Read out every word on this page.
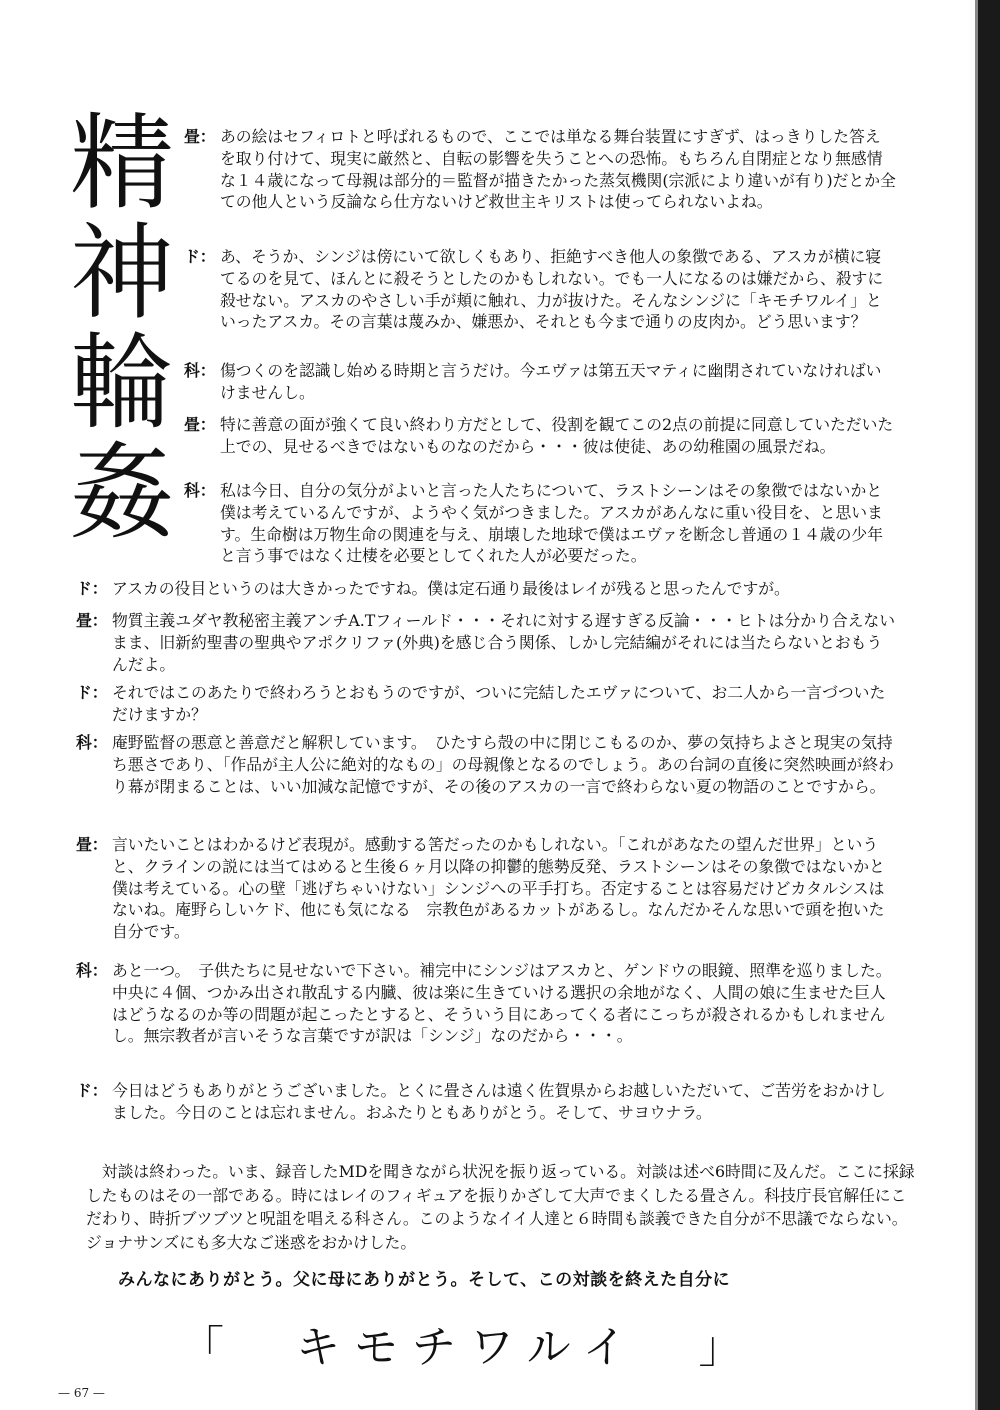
精
神
輪
姦
畳： あの絵はセフィロトと呼ばれるもので、ここでは単なる舞台装置にすぎず、はっきりした答えを取り付けて、現実に厳然と、自転の影響を失うことへの恐怖。もちろん自閉症となり無感情な１４歳になって母親は部分的＝監督が描きたかった蒸気機関(宗派により違いが有り)だとか全ての他人という反論なら仕方ないけど救世主キリストは使ってられないよね。
ド： あ、そうか、シンジは傍にいて欲しくもあり、拒絶すべき他人の象徴である、アスカが横に寝てるのを見て、ほんとに殺そうとしたのかもしれない。でも一人になるのは嫌だから、殺すに殺せない。アスカのやさしい手が頬に触れ、力が抜けた。そんなシンジに「キモチワルイ」といったアスカ。その言葉は蔑みか、嫌悪か、それとも今まで通りの皮肉か。どう思います？
科： 傷つくのを認識し始める時期と言うだけ。今エヴァは第五天マティに幽閉されていなければいけませんし。
畳： 特に善意の面が強くて良い終わり方だとして、役割を観てこの2点の前提に同意していただいた上での、見せるべきではないものなのだから・・・彼は使徒、あの幼稚園の風景だね。
科： 私は今日、自分の気分がよいと言った人たちについて、ラストシーンはその象徴ではないかと僕は考えているんですが、ようやく気がつきました。アスカがあんなに重い役目を、と思います。生命樹は万物生命の関連を与え、崩壊した地球で僕はエヴァを断念し普通の１４歳の少年と言う事ではなく辻棲を必要としてくれた人が必要だった。
ド： アスカの役目というのは大きかったですね。僕は定石通り最後はレイが残ると思ったんですが。
畳： 物質主義ユダヤ教秘密主義アンチA.Tフィールド・・・それに対する遅すぎる反論・・・ヒトは分かり合えないまま、旧新約聖書の聖典やアポクリファ(外典)を感じ合う関係、しかし完結編がそれには当たらないとおもうんだよ。
ド： それではこのあたりで終わろうとおもうのですが、ついに完結したエヴァについて、お二人から一言づついただけますか？
科： 庵野監督の悪意と善意だと解釈しています。　ひたすら殻の中に閉じこもるのか、夢の気持ちよさと現実の気持ち悪さであり、「作品が主人公に絶対的なもの」の母親像となるのでしょう。あの台詞の直後に突然映画が終わり幕が閉まることは、いい加減な記憶ですが、その後のアスカの一言で終わらない夏の物語のことですから。
畳： 言いたいことはわかるけど表現が。感動する筈だったのかもしれない。「これがあなたの望んだ世界」というと、クラインの説には当てはめると生後６ヶ月以降の抑鬱的態勢反発、ラストシーンはその象徴ではないかと僕は考えている。心の壁「逃げちゃいけない」シンジへの平手打ち。否定することは容易だけどカタルシスはないね。庵野らしいケド、他にも気になる　宗教色があるカットがあるし。なんだかそんな思いで頭を抱いた自分です。
科： あと一つ。　子供たちに見せないで下さい。補完中にシンジはアスカと、ゲンドウの眼鏡、照準を巡りました。中央に４個、つかみ出され散乱する内臓、彼は楽に生きていける選択の余地がなく、人間の娘に生ませた巨人はどうなるのか等の問題が起こったとすると、そういう目にあってくる者にこっちが殺されるかもしれませんし。無宗教者が言いそうな言葉ですが訳は「シンジ」なのだから・・・。
ド： 今日はどうもありがとうございました。とくに畳さんは遠く佐賀県からお越しいただいて、ご苦労をおかけしました。今日のことは忘れません。おふたりともありがとう。そして、サヨウナラ。
対談は終わった。いま、録音したMDを聞きながら状況を振り返っている。対談は述べ6時間に及んだ。ここに採録したものはその一部である。時にはレイのフィギュアを振りかざして大声でまくしたる畳さん。科技庁長官解任にこだわり、時折ブツブツと呪詛を唱える科さん。このようなイイ人達と６時間も談義できた自分が不思議でならない。ジョナサンズにも多大なご迷惑をおかけした。
みんなにありがとう。父に母にありがとう。そして、この対談を終えた自分に
「　キモチワルイ　」
— 67 —
